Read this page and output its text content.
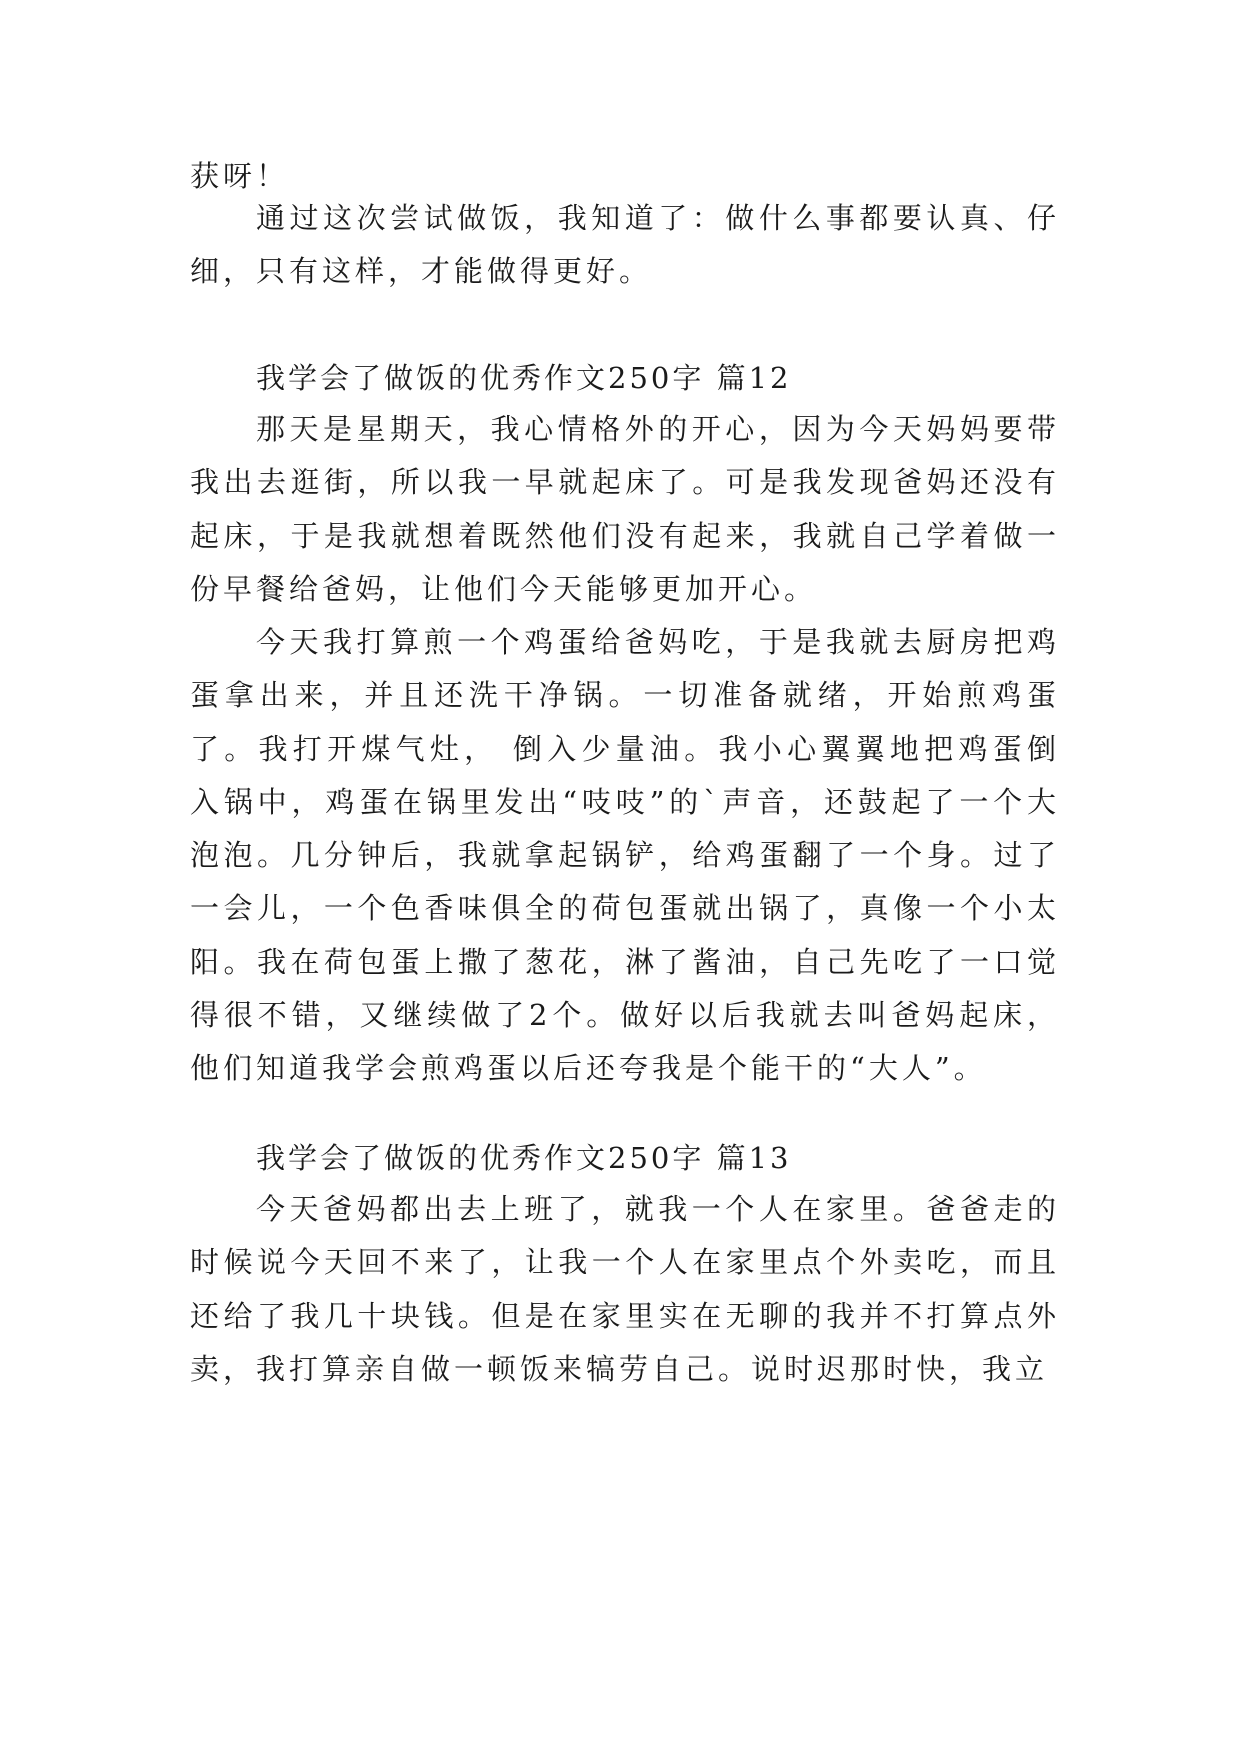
获呀！

通过这次尝试做饭，我知道了：做什么事都要认真、仔细，只有这样，才能做得更好。

我学会了做饭的优秀作文250字 篇12

那天是星期天，我心情格外的开心，因为今天妈妈要带我出去逛街，所以我一早就起床了。可是我发现爸妈还没有起床，于是我就想着既然他们没有起来，我就自己学着做一份早餐给爸妈，让他们今天能够更加开心。

今天我打算煎一个鸡蛋给爸妈吃，于是我就去厨房把鸡蛋拿出来，并且还洗干净锅。一切准备就绪，开始煎鸡蛋了。我打开煤气灶， 倒入少量油。我小心翼翼地把鸡蛋倒入锅中，鸡蛋在锅里发出“吱吱”的`声音，还鼓起了一个大泡泡。几分钟后，我就拿起锅铲，给鸡蛋翻了一个身。过了一会儿，一个色香味俱全的荷包蛋就出锅了，真像一个小太阳。我在荷包蛋上撒了葱花，淋了酱油，自己先吃了一口觉得很不错，又继续做了2个。做好以后我就去叫爸妈起床，他们知道我学会煎鸡蛋以后还夸我是个能干的“大人”。

我学会了做饭的优秀作文250字 篇13

今天爸妈都出去上班了，就我一个人在家里。爸爸走的时候说今天回不来了，让我一个人在家里点个外卖吃，而且还给了我几十块钱。但是在家里实在无聊的我并不打算点外卖，我打算亲自做一顿饭来犒劳自己。说时迟那时快，我立
